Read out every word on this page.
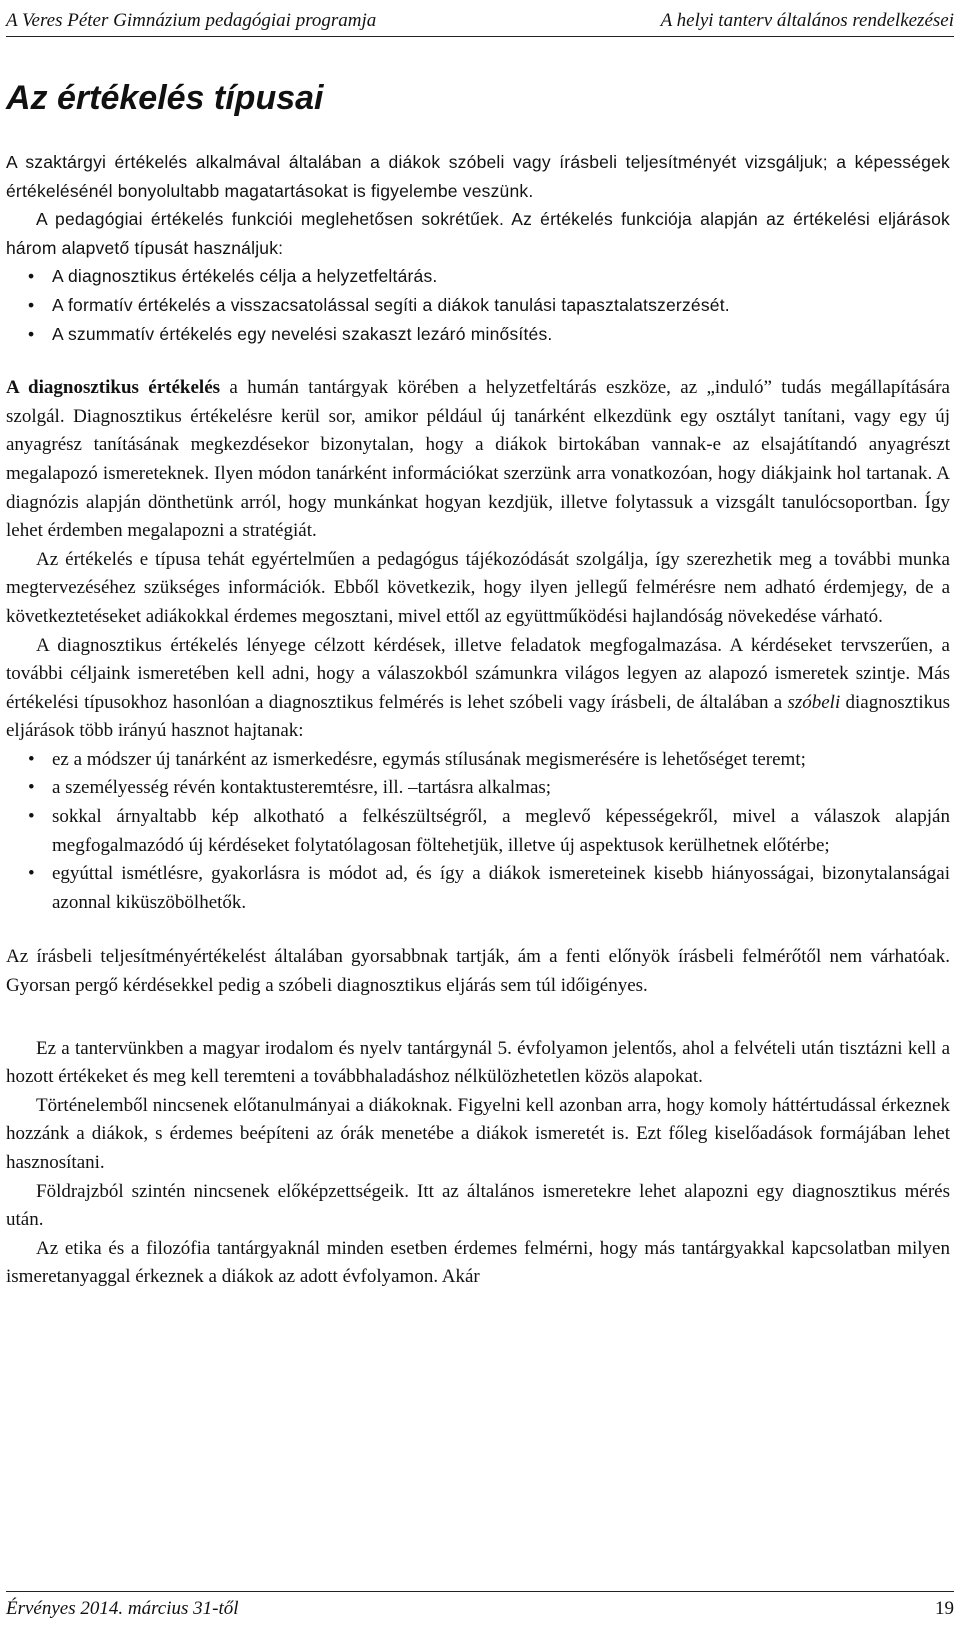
A Veres Péter Gimnázium pedagógiai programja	A helyi tanterv általános rendelkezései
Az értékelés típusai

A szaktárgyi értékelés alkalmával általában a diákok szóbeli vagy írásbeli teljesítményét vizsgáljuk; a képességek értékelésénél bonyolultabb magatartásokat is figyelembe veszünk.

A pedagógiai értékelés funkciói meglehetősen sokrétűek. Az értékelés funkciója alapján az értékelési eljárások három alapvető típusát használjuk:

• A diagnosztikus értékelés célja a helyzetfeltárás.
• A formatív értékelés a visszacsatolással segíti a diákok tanulási tapasztalatszerzését.
• A szummatív értékelés egy nevelési szakaszt lezáró minősítés.

A diagnosztikus értékelés a humán tantárgyak körében a helyzetfeltárás eszköze, az „induló” tudás megállapítására szolgál. Diagnosztikus értékelésre kerül sor, amikor például új tanárként elkezdünk egy osztályt tanítani, vagy egy új anyagrész tanításának megkezdésekor bizonytalan, hogy a diákok birtokában vannak-e az elsajátítandó anyagrészt megalapozó ismereteknek. Ilyen módon tanárként információkat szerzünk arra vonatkozóan, hogy diákjaink hol tartanak. A diagnózis alapján dönthetünk arról, hogy munkánkat hogyan kezdjük, illetve folytassuk a vizsgált tanulócsoportban. Így lehet érdemben megalapozni a stratégiát.

Az értékelés e típusa tehát egyértelműen a pedagógus tájékozódását szolgálja, így szerezhetik meg a további munka megtervezéséhez szükséges információk. Ebből következik, hogy ilyen jellegű felmérésre nem adható érdemjegy, de a következtetéseket adiákokkal érdemes megosztani, mivel ettől az együttműködési hajlandóság növekedése várható.

A diagnosztikus értékelés lényege célzott kérdések, illetve feladatok megfogalmazása. A kérdéseket tervszerűen, a további céljaink ismeretében kell adni, hogy a válaszokból számunkra világos legyen az alapozó ismeretek szintje. Más értékelési típusokhoz hasonlóan a diagnosztikus felmérés is lehet szóbeli vagy írásbeli, de általában a szóbeli diagnosztikus eljárások több irányú hasznot hajtanak:

• ez a módszer új tanárként az ismerkedésre, egymás stílusának megismerésére is lehetőséget teremt;
• a személyesség révén kontaktusteremtésre, ill. –tartásra alkalmas;
• sokkal árnyaltabb kép alkotható a felkészültségről, a meglevő képességekről, mivel a válaszok alapján megfogalmazódó új kérdéseket folytatólagosan föltehetjük, illetve új aspektusok kerülhetnek előtérbe;
• egyúttal ismétlésre, gyakorlásra is módot ad, és így a diákok ismereteinek kisebb hiányosságai, bizonytalanságai azonnal kiküszöbölhetők.

Az írásbeli teljesítményértékelést általában gyorsabbnak tartják, ám a fenti előnyök írásbeli felmérőtől nem várhatóak. Gyorsan pergő kérdésekkel pedig a szóbeli diagnosztikus eljárás sem túl időigényes.

Ez a tantervünkben a magyar irodalom és nyelv tantárgynál 5. évfolyamon jelentős, ahol a felvételi után tisztázni kell a hozott értékeket és meg kell teremteni a továbbhaladáshoz nélkülözhetetlen közös alapokat.

Történelemből nincsenek előtanulmányai a diákoknak. Figyelni kell azonban arra, hogy komoly háttértudással érkeznek hozzánk a diákok, s érdemes beépíteni az órák menetébe a diákok ismeretét is. Ezt főleg kiselőadások formájában lehet hasznosítani.

Földrajzból szintén nincsenek előképzettségeik. Itt az általános ismeretekre lehet alapozni egy diagnosztikus mérés után.

Az etika és a filozófia tantárgyaknál minden esetben érdemes felmérni, hogy más tantárgyakkal kapcsolatban milyen ismeretanyaggal érkeznek a diákok az adott évfolyamon. Akár

Érvényes 2014. március 31-től	19
